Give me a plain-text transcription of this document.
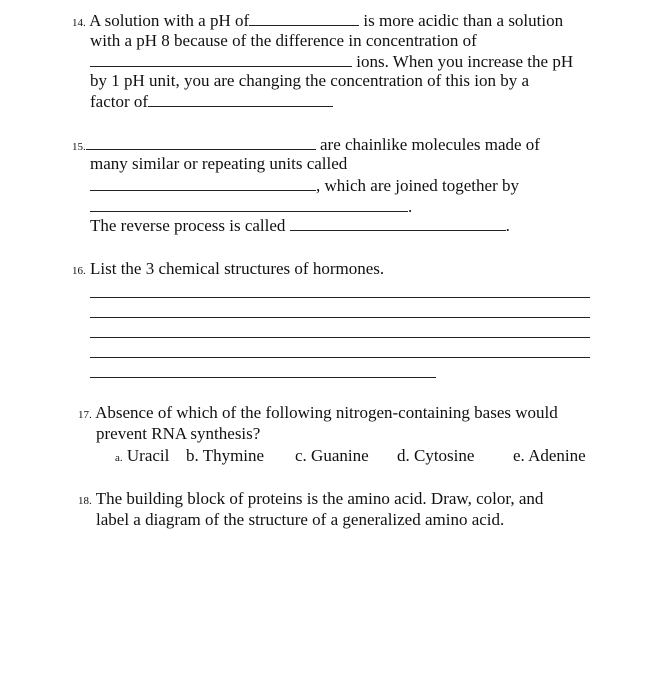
14. A solution with a pH of	is more acidic than a solution
with a pH 8 because of the difference in concentration of
ions. When you increase the pH
by 1 pH unit, you are changing the concentration of this ion by a
factor of
15.	are chainlike molecules made of
many similar or repeating units called
, which are joined together by
.
The reverse process is called	.
16. List the 3 chemical structures of hormones.
17. Absence of which of the following nitrogen-containing bases would
prevent RNA synthesis?
a. Uracil b. Thymine c. Guanine d. Cytosine e. Adenine
18. The building block of proteins is the amino acid. Draw, color, and
label a diagram of the structure of a generalized amino acid.
